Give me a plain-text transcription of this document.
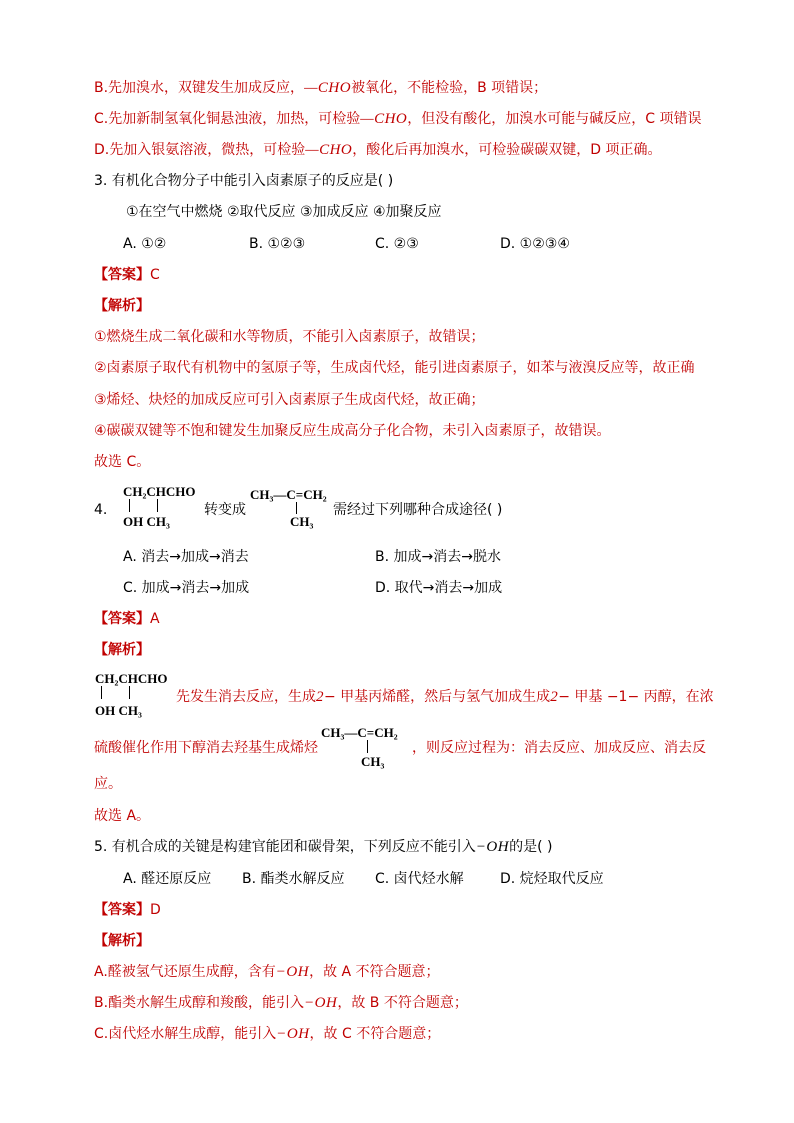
B.先加溴水，双键发生加成反应，—CHO被氧化，不能检验，B 项错误；
C.先加新制氢氧化铜悬浊液，加热，可检验—CHO，但没有酸化，加溴水可能与碱反应，C 项错误
D.先加入银氨溶液，微热，可检验—CHO，酸化后再加溴水，可检验碳碳双键，D 项正确。
3. 有机化合物分子中能引入卤素原子的反应是( )
①在空气中燃烧 ②取代反应 ③加成反应 ④加聚反应
A. ①②	B. ①②③	C. ②③	D. ①②③④
【答案】C
【解析】
①燃烧生成二氧化碳和水等物质，不能引入卤素原子，故错误；
②卤素原子取代有机物中的氢原子等，生成卤代烃，能引进卤素原子，如苯与液溴反应等，故正确
③烯烃、炔烃的加成反应可引入卤素原子生成卤代烃，故正确；
④碳碳双键等不饱和键发生加聚反应生成高分子化合物，未引入卤素原子，故错误。
故选 C。
4.
CH₂CHCHO
OH CH₃
转变成
CH₃—C=CH₂
CH₃
需经过下列哪种合成途径( )
A. 消去→加成→消去	B. 加成→消去→脱水
C. 加成→消去→加成	D. 取代→消去→加成
【答案】A
【解析】
CH₂CHCHO
OH CH₃
先发生消去反应，生成2− 甲基丙烯醛，然后与氢气加成生成2− 甲基 −1− 丙醇，在浓
硫酸催化作用下醇消去羟基生成烯烃
CH₃—C=CH₂
CH₃
，则反应过程为：消去反应、加成反应、消去反
应。
故选 A。
5. 有机合成的关键是构建官能团和碳骨架，下列反应不能引入−OH的是( )
A. 醛还原反应 B. 酯类水解反应 C. 卤代烃水解	D. 烷烃取代反应
【答案】D
【解析】
A.醛被氢气还原生成醇，含有−OH，故 A 不符合题意；
B.酯类水解生成醇和羧酸，能引入−OH，故 B 不符合题意；
C.卤代烃水解生成醇，能引入−OH，故 C 不符合题意；
